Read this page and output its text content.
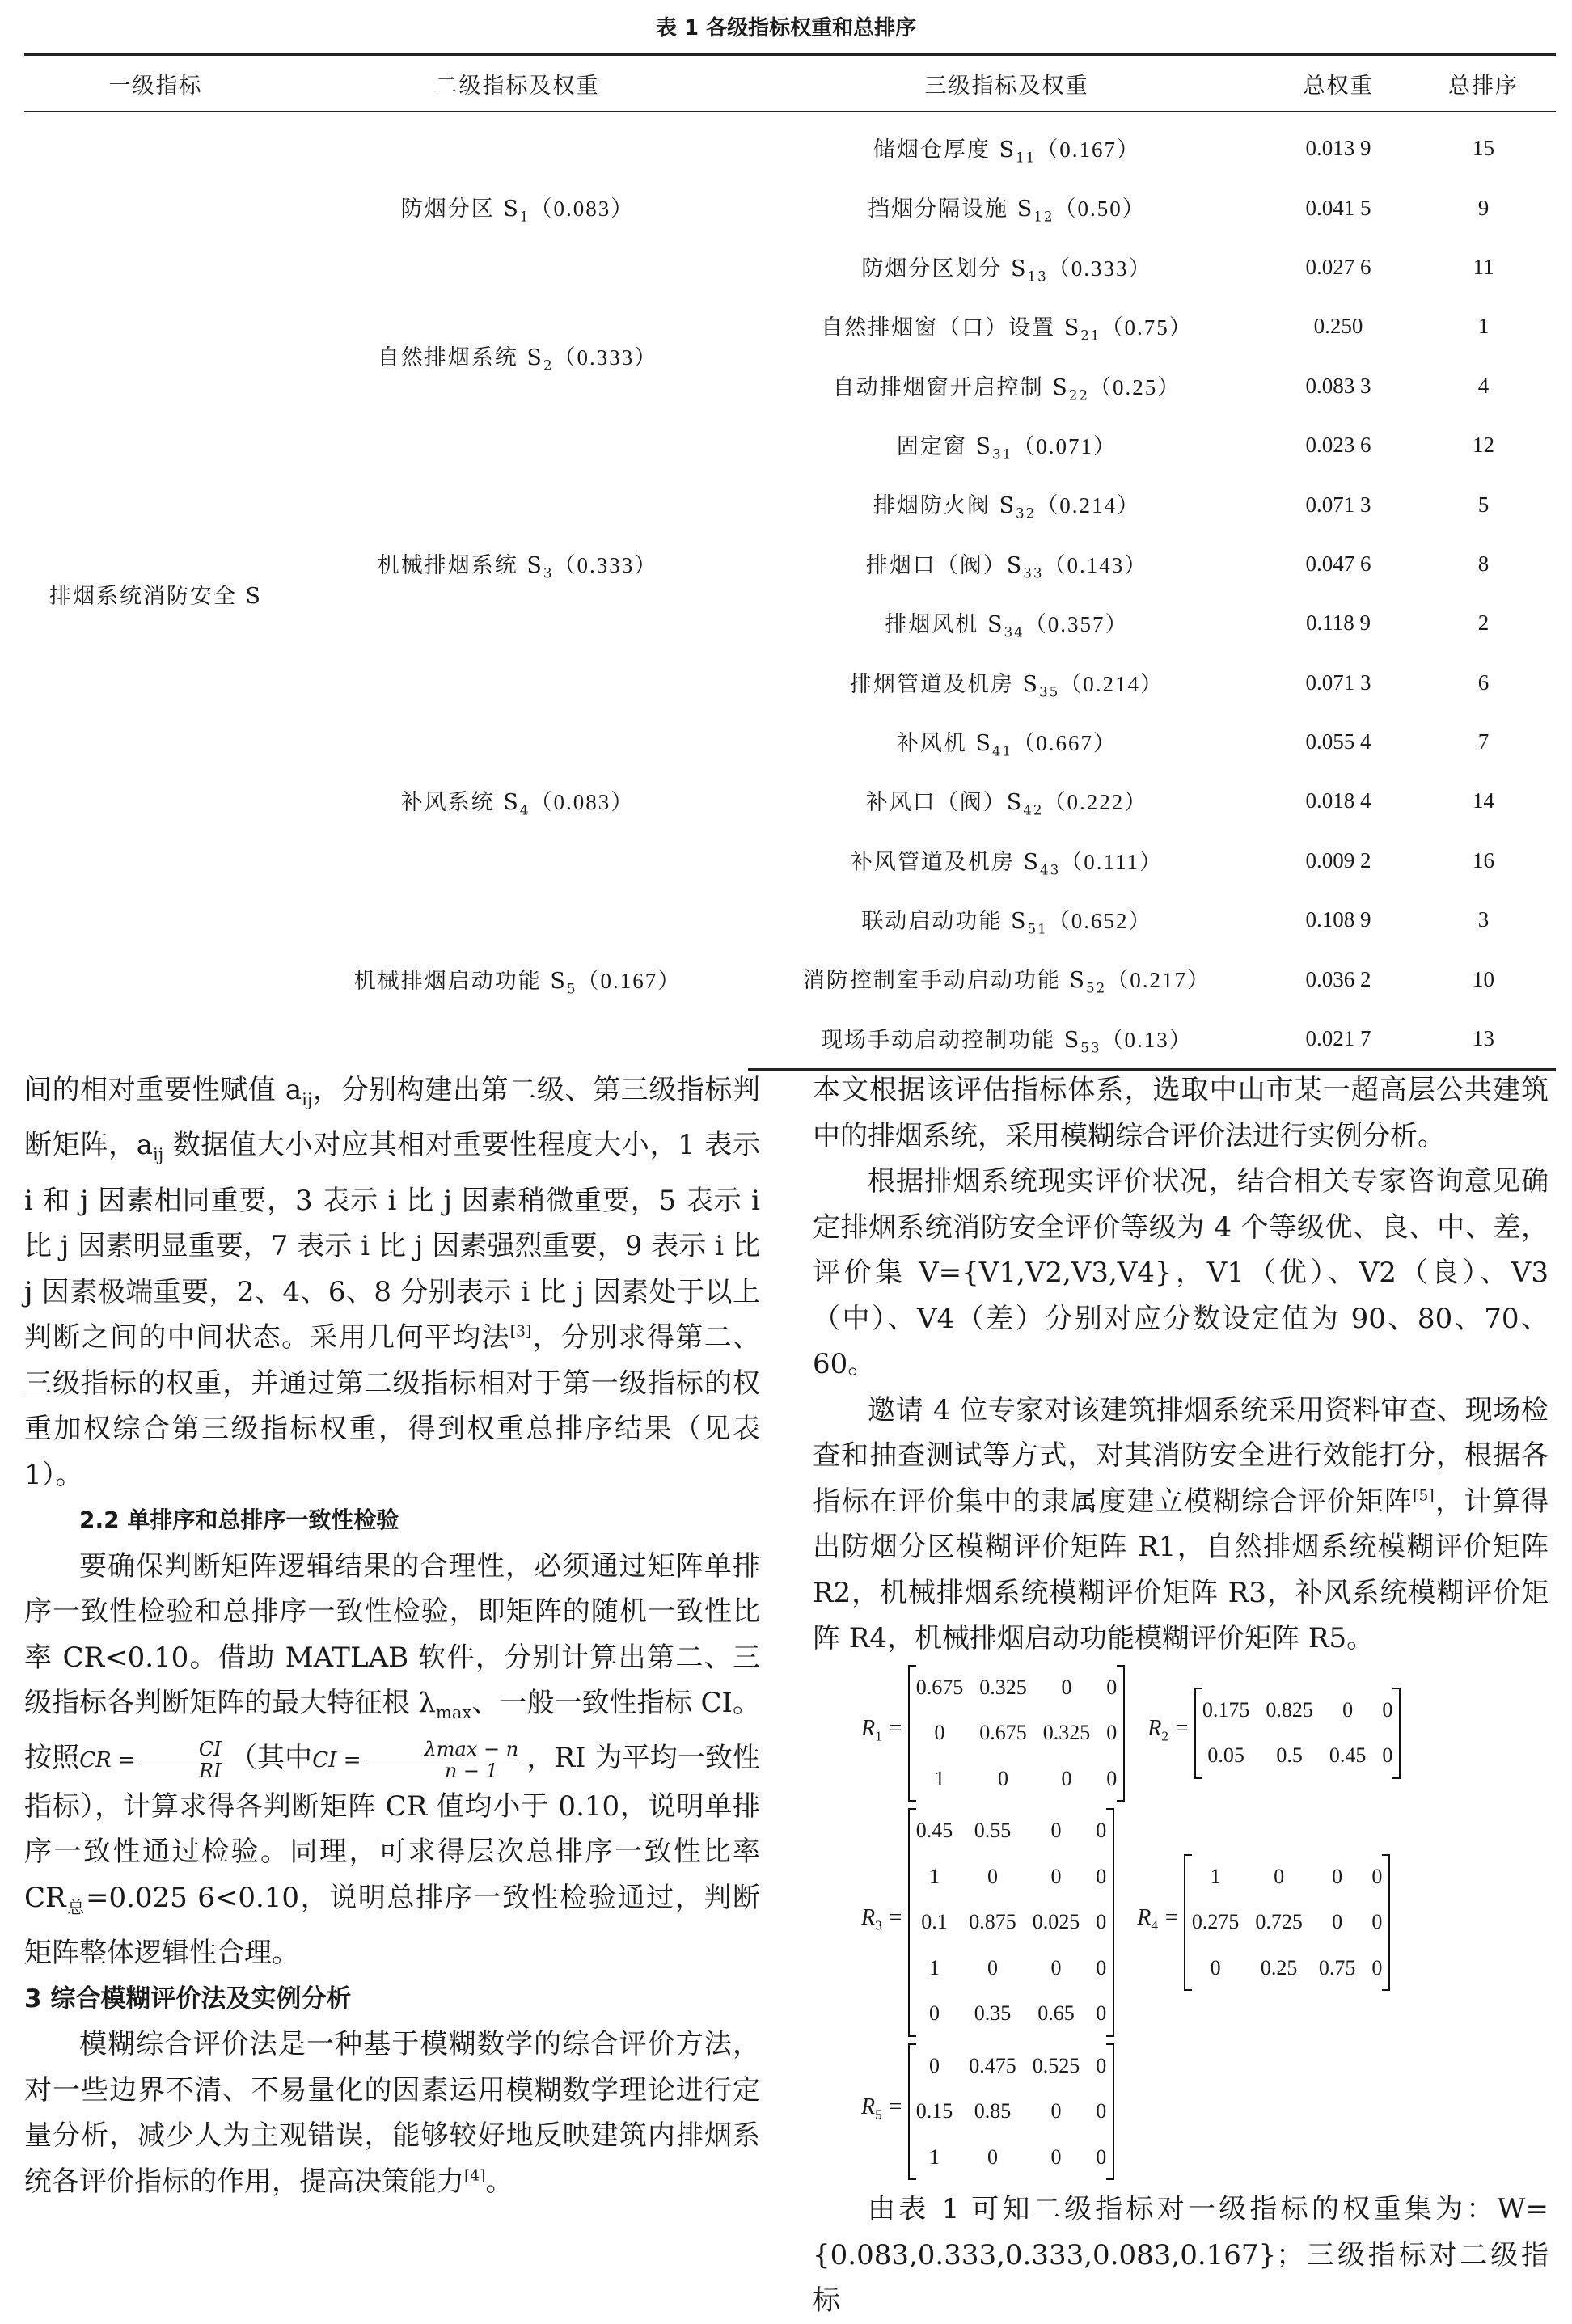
表 1 各级指标权重和总排序
一级指标	二级指标及权重	三级指标及权重	总权重	总排序
排烟系统消防安全 S	防烟分区 $S_1(0.083)$	储烟仓厚度 $S_{11}(0.167)$	0.013 9	15
		挡烟分隔设施 $S_{12}(0.50)$	0.041 5	9
		防烟分区划分 $S_{13}(0.333)$	0.027 6	11
	自然排烟系统 $S_2(0.333)$	自然排烟窗（口）设置 $S_{21}(0.75)$	0.250	1
		自动排烟窗开启控制 $S_{22}(0.25)$	0.083 3	4
	机械排烟系统 $S_3(0.333)$	固定窗 $S_{31}(0.071)$	0.023 6	12
		排烟防火阀 $S_{32}(0.214)$	0.071 3	5
		排烟口（阀）$S_{33}(0.143)$	0.047 6	8
		排烟风机 $S_{34}(0.357)$	0.118 9	2
		排烟管道及机房 $S_{35}(0.214)$	0.071 3	6
	补风系统 $S_4(0.083)$	补风机 $S_{41}(0.667)$	0.055 4	7
		补风口（阀）$S_{42}(0.222)$	0.018 4	14
		补风管道及机房 $S_{43}(0.111)$	0.009 2	16
	机械排烟启动功能 $S_5(0.167)$	联动启动功能 $S_{51}(0.652)$	0.108 9	3
		消防控制室手动启动功能 $S_{52}(0.217)$	0.036 2	10
		现场手动启动控制功能 $S_{53}(0.13)$	0.021 7	13

间的相对重要性赋值 $a_{ij}$，分别构建出第二级、第三级指标判断矩阵，$a_{ij}$ 数据值大小对应其相对重要性程度大小，1 表示 i 和 j 因素相同重要，3 表示 i 比 j 因素稍微重要，5 表示 i 比 j 因素明显重要，7 表示 i 比 j 因素强烈重要，9 表示 i 比 j 因素极端重要，2、4、6、8 分别表示 i 比 j 因素处于以上判断之间的中间状态。采用几何平均法[3]，分别求得第二、三级指标的权重，并通过第二级指标相对于第一级指标的权重加权综合第三级指标权重，得到权重总排序结果（见表 1）。

2.2 单排序和总排序一致性检验

要确保判断矩阵逻辑结果的合理性，必须通过矩阵单排序一致性检验和总排序一致性检验，即矩阵的随机一致性比率 CR<0.10。借助 MATLAB 软件，分别计算出第二、三级指标各判断矩阵的最大特征根 $\lambda_{max}$、一般一致性指标 CI。按照CR = $\frac{CI}{RI}$ （其中CI = $\frac{\lambda\max - n}{n - 1}$ ，RI 为平均一致性指标），计算求得各判断矩阵 CR 值均小于 0.10，说明单排序一致性通过检验。同理，可求得层次总排序一致性比率 $CR_总=0.025$ 6<0.10，说明总排序一致性检验通过，判断矩阵整体逻辑性合理。

3 综合模糊评价法及实例分析

模糊综合评价法是一种基于模糊数学的综合评价方法，对一些边界不清、不易量化的因素运用模糊数学理论进行定量分析，减少人为主观错误，能够较好地反映建筑内排烟系统各评价指标的作用，提高决策能力[4]。

本文根据该评估指标体系，选取中山市某一超高层公共建筑中的排烟系统，采用模糊综合评价法进行实例分析。

根据排烟系统现实评价状况，结合相关专家咨询意见确定排烟系统消防安全评价等级为 4 个等级优、良、中、差，评价集 V={V1,V2,V3,V4}，V1（优）、V2（良）、V3（中）、V4（差）分别对应分数设定值为 90、80、70、60。

邀请 4 位专家对该建筑排烟系统采用资料审查、现场检查和抽查测试等方式，对其消防安全进行效能打分，根据各指标在评价集中的隶属度建立模糊综合评价矩阵[5]，计算得出防烟分区模糊评价矩阵 R1，自然排烟系统模糊评价矩阵 R2，机械排烟系统模糊评价矩阵 R3，补风系统模糊评价矩阵 R4，机械排烟启动功能模糊评价矩阵 R5。

$R_1$ =
0.675	0.325	0	0
0	0.675	0.325	0
1	0	0	0
$R_2$ =
0.175	0.825	0	0
0.05	0.5	0.45	0
$R_3$ =
0.45	0.55	0	0
1	0	0	0
0.1	0.875	0.025	0
1	0	0	0
0	0.35	0.65	0
$R_4$ =
1	0	0	0
0.275	0.725	0	0
0	0.25	0.75	0
$R_5$ =
0	0.475	0.525	0
0.15	0.85	0	0
1	0	0	0

由表 1 可知二级指标对一级指标的权重集为：W={0.083,0.333,0.333,0.083,0.167}；三级指标对二级指标
